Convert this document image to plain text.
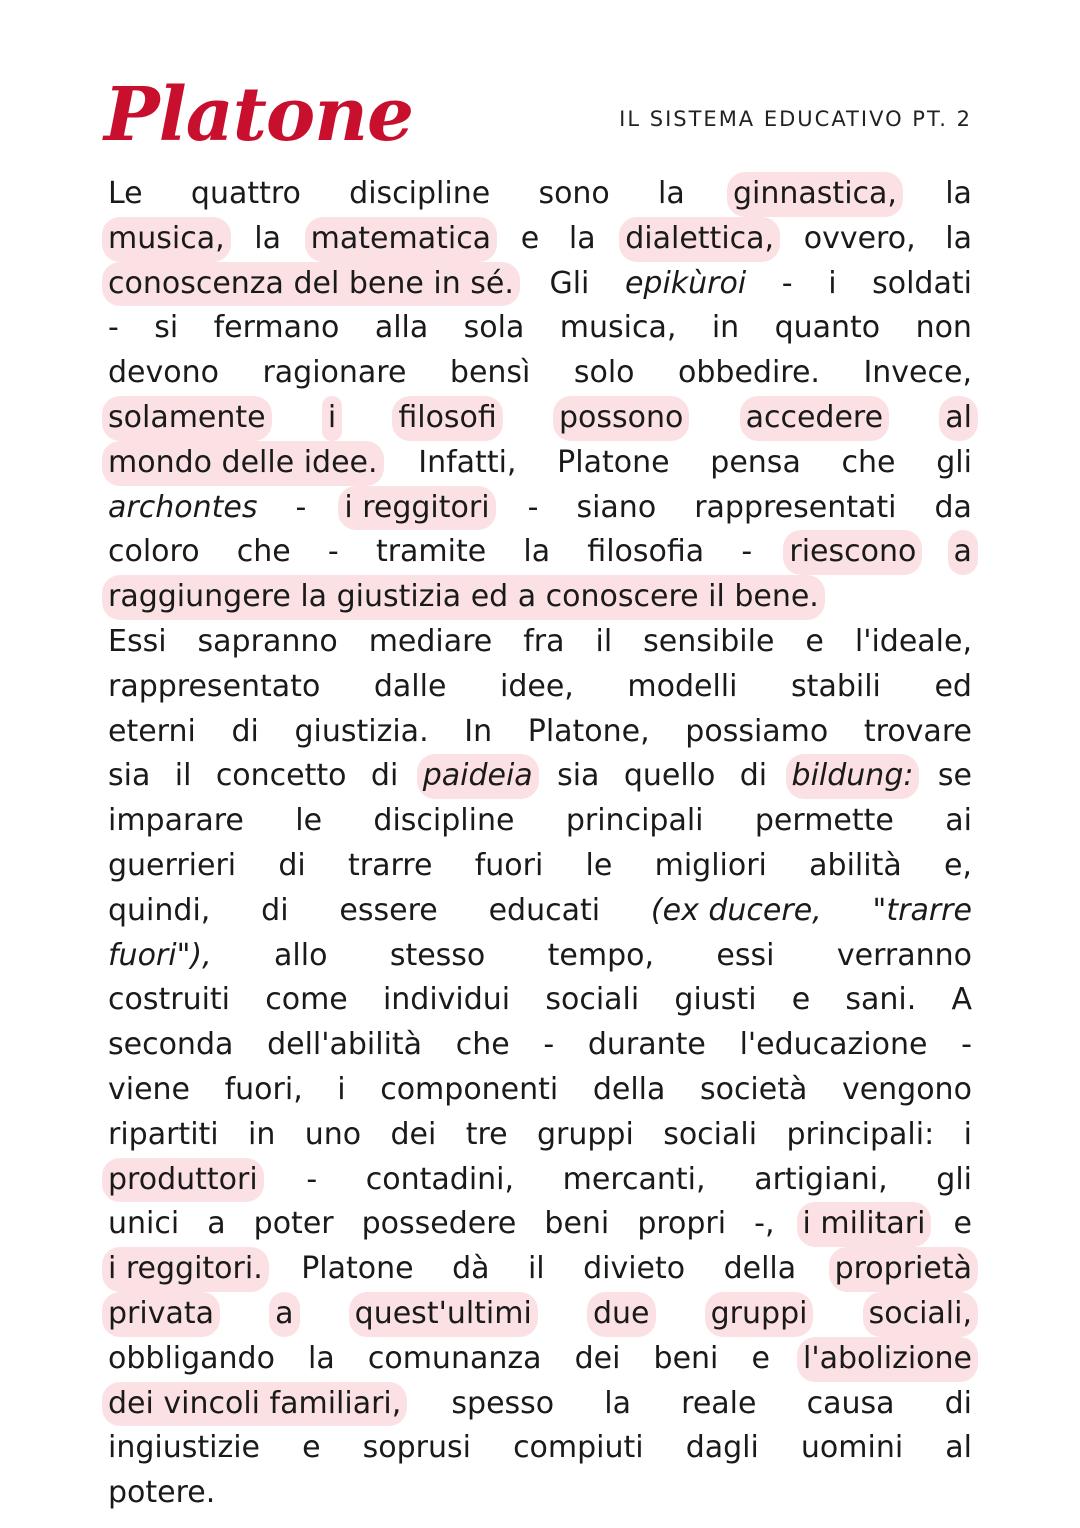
Platone	IL SISTEMA EDUCATIVO PT. 2
Le quattro discipline sono la ginnastica, la
musica, la matematica e la dialettica, ovvero, la
conoscenza del bene in sé. Gli epikùroi - i soldati
- si fermano alla sola musica, in quanto non
devono ragionare bensì solo obbedire. Invece,
solamente i filosofi possono accedere al
mondo delle idee. Infatti, Platone pensa che gli
archontes - i reggitori - siano rappresentati da
coloro che - tramite la filosofia - riescono a
raggiungere la giustizia ed a conoscere il bene.
Essi sapranno mediare fra il sensibile e l'ideale,
rappresentato dalle idee, modelli stabili ed
eterni di giustizia. In Platone, possiamo trovare
sia il concetto di paideia sia quello di bildung: se
imparare le discipline principali permette ai
guerrieri di trarre fuori le migliori abilità e,
quindi, di essere educati (ex ducere, "trarre
fuori"), allo stesso tempo, essi verranno
costruiti come individui sociali giusti e sani. A
seconda dell'abilità che - durante l'educazione -
viene fuori, i componenti della società vengono
ripartiti in uno dei tre gruppi sociali principali: i
produttori - contadini, mercanti, artigiani, gli
unici a poter possedere beni propri -, i militari e
i reggitori. Platone dà il divieto della proprietà
privata a quest'ultimi due gruppi sociali,
obbligando la comunanza dei beni e l'abolizione
dei vincoli familiari, spesso la reale causa di
ingiustizie e soprusi compiuti dagli uomini al
potere.
